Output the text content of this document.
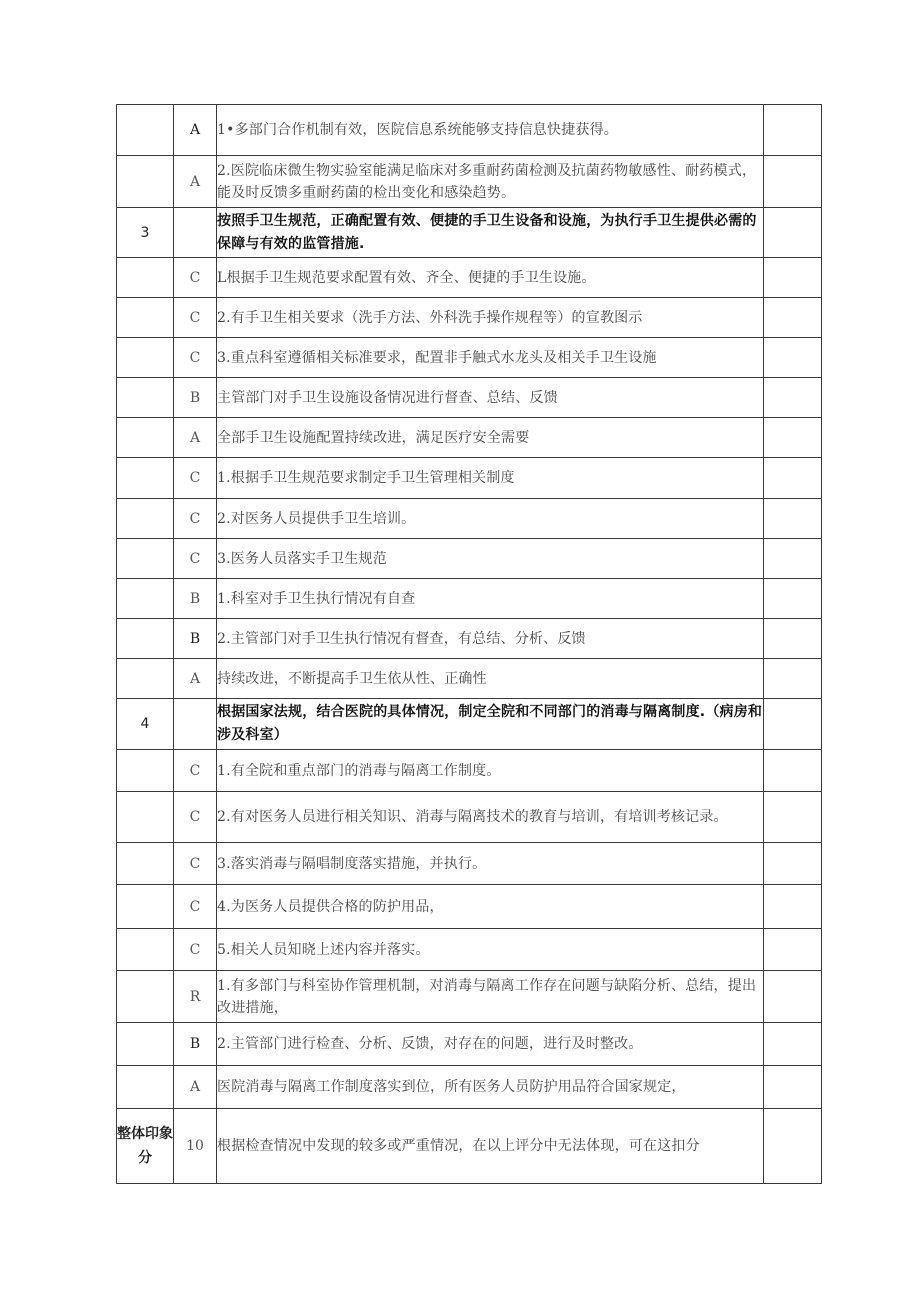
	A	1•多部门合作机制有效，医院信息系统能够支持信息快捷获得。	
	A	2.医院临床微生物实验室能满足临床对多重耐药菌检测及抗菌药物敏感性、耐药模式，能及时反馈多重耐药菌的检出变化和感染趋势。	
3		按照手卫生规范，正确配置有效、便捷的手卫生设备和设施，为执行手卫生提供必需的保障与有效的监管措施.	
	C	L根据手卫生规范要求配置有效、齐全、便捷的手卫生设施。	
	C	2.有手卫生相关要求（洗手方法、外科洗手操作规程等）的宣教图示	
	C	3.重点科室遵循相关标准要求，配置非手触式水龙头及相关手卫生设施	
	B	主管部门对手卫生设施设备情况进行督查、总结、反馈	
	A	全部手卫生设施配置持续改进，满足医疗安全需要	
	C	1.根据手卫生规范要求制定手卫生管理相关制度	
	C	2.对医务人员提供手卫生培训。	
	C	3.医务人员落实手卫生规范	
	B	1.科室对手卫生执行情况有自查	
	B	2.主管部门对手卫生执行情况有督查，有总结、分析、反馈	
	A	持续改进，不断提高手卫生依从性、正确性	
4		根据国家法规，结合医院的具体情况，制定全院和不同部门的消毒与隔离制度.（病房和涉及科室）	
	C	1.有全院和重点部门的消毒与隔离工作制度。	
	C	2.有对医务人员进行相关知识、消毒与隔离技术的教育与培训，有培训考核记录。	
	C	3.落实消毒与隔唱制度落实措施，并执行。	
	C	4.为医务人员提供合格的防护用品，	
	C	5.相关人员知晓上述内容并落实。	
	R	1.有多部门与科室协作管理机制，对消毒与隔离工作存在问题与缺陷分析、总结，提出改进措施，	
	B	2.主管部门进行检查、分析、反馈，对存在的问题，进行及时整改。	
	A	医院消毒与隔离工作制度落实到位，所有医务人员防护用品符合国家规定，	
整体印象分	10	根据检查情况中发现的较多或严重情况，在以上评分中无法体现，可在这扣分	
